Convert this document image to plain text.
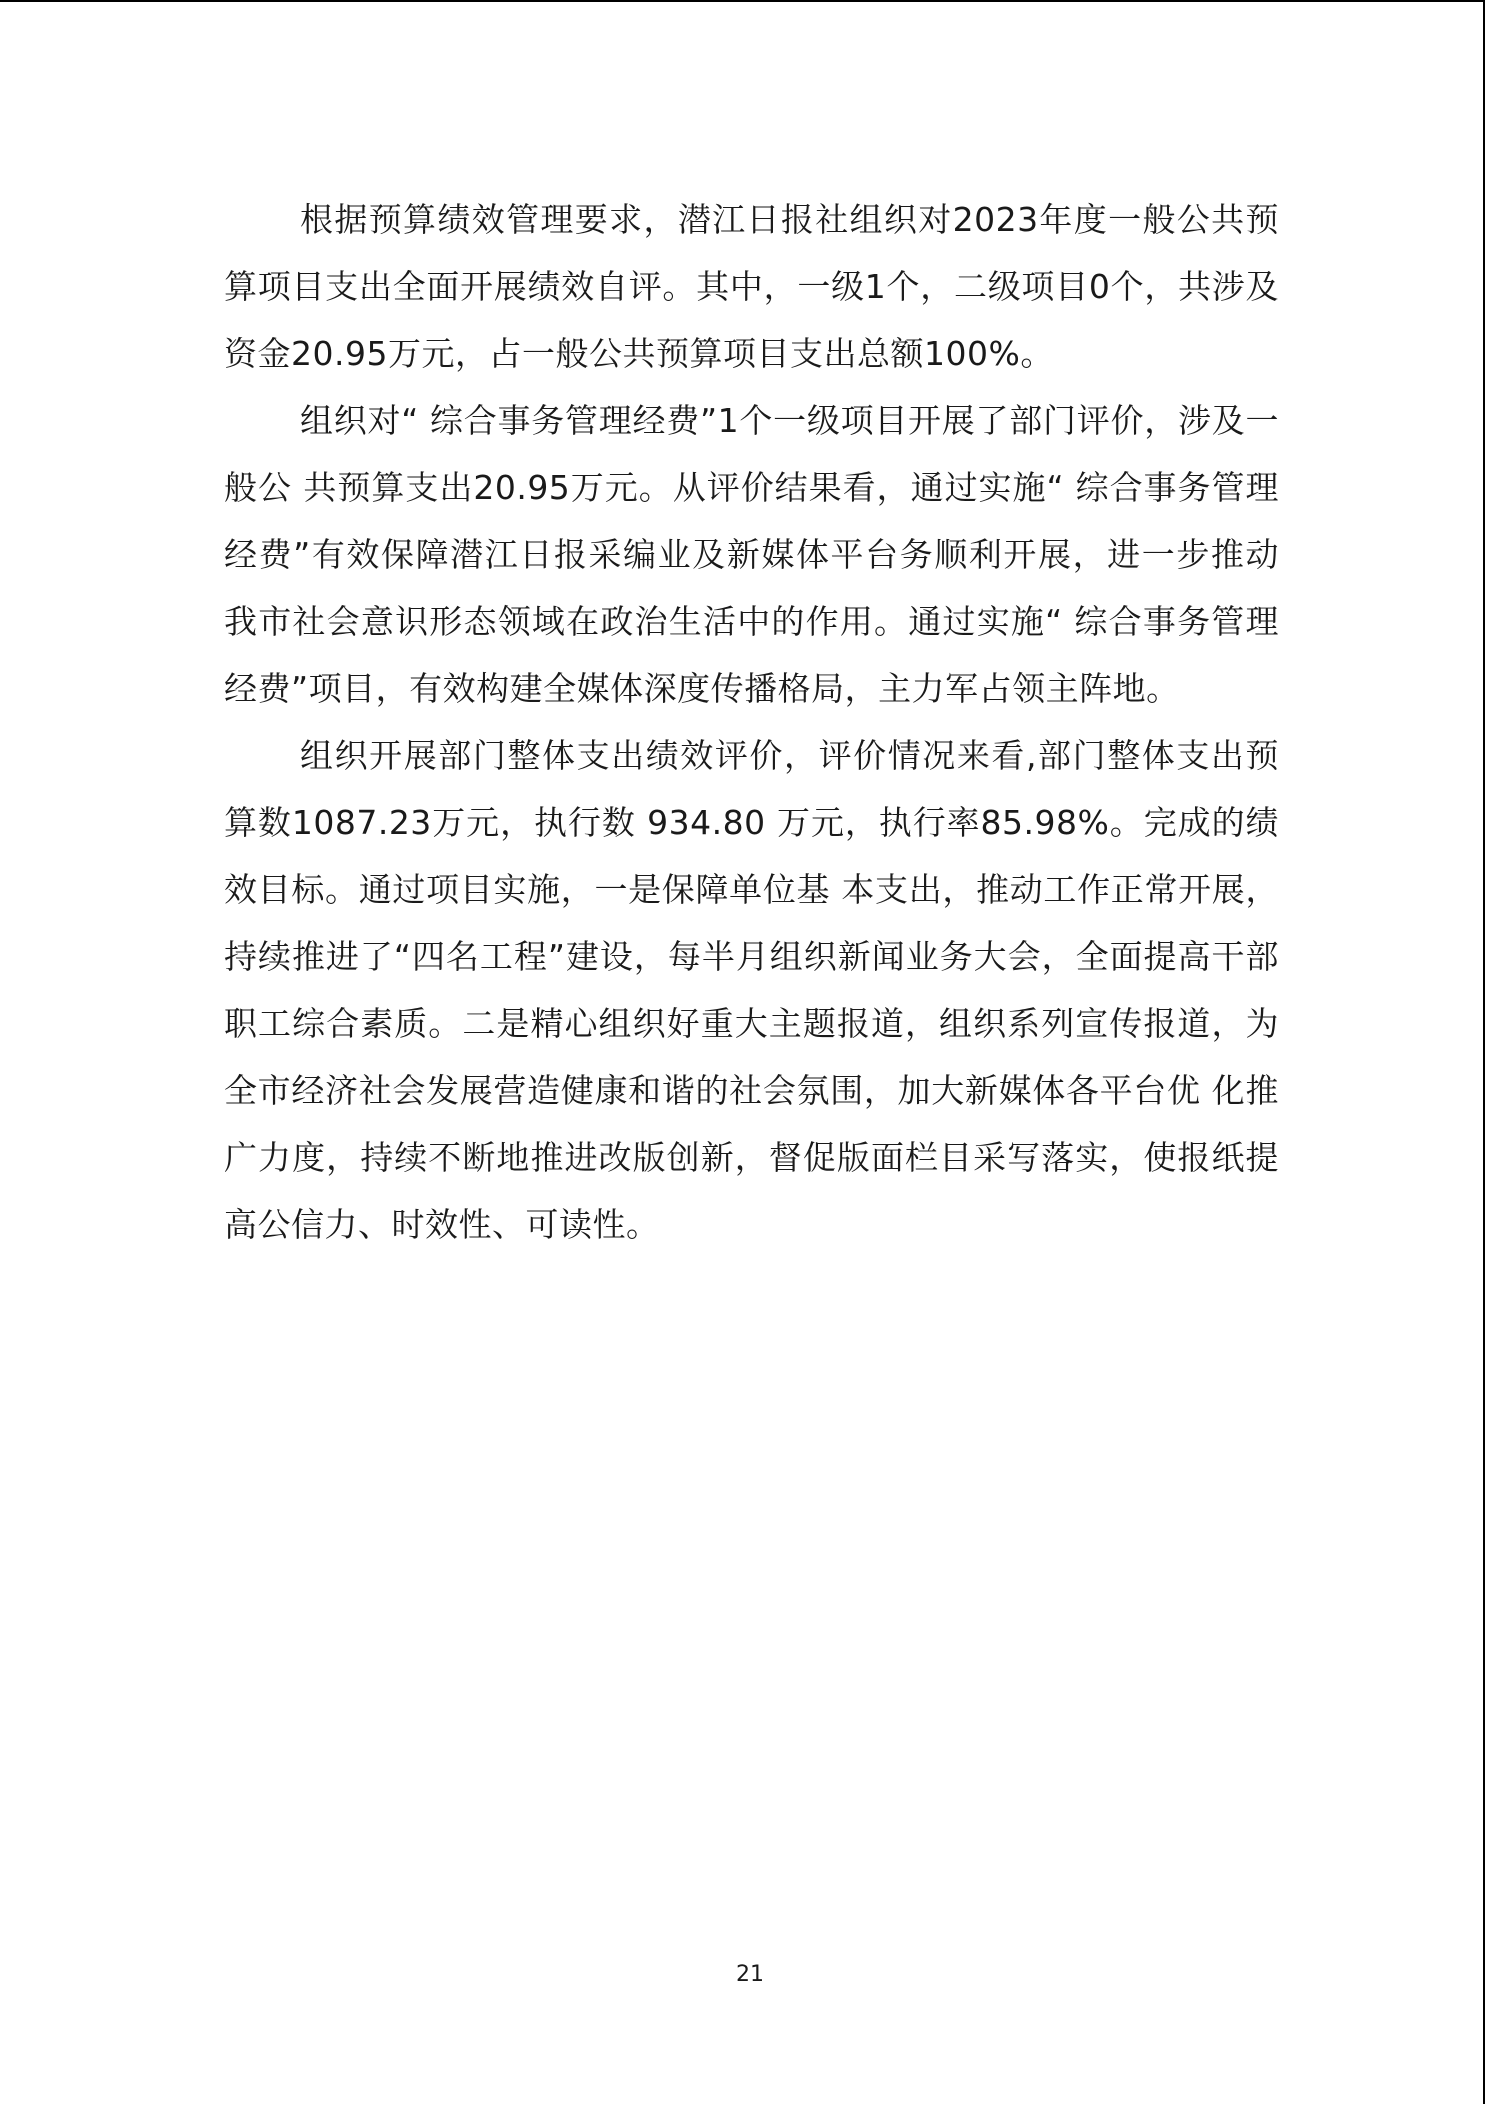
根据预算绩效管理要求，潜江日报社组织对2023年度一般公共预算项目支出全面开展绩效自评。其中，一级1个，二级项目0个，共涉及资金20.95万元，占一般公共预算项目支出总额100%。

组织对“ 综合事务管理经费”1个一级项目开展了部门评价，涉及一般公 共预算支出20.95万元。从评价结果看，通过实施“ 综合事务管理经费”有效保障潜江日报采编业及新媒体平台务顺利开展，进一步推动我市社会意识形态领域在政治生活中的作用。通过实施“ 综合事务管理经费”项目，有效构建全媒体深度传播格局，主力军占领主阵地。

组织开展部门整体支出绩效评价，评价情况来看,部门整体支出预算数1087.23万元，执行数 934.80 万元，执行率85.98%。完成的绩效目标。通过项目实施，一是保障单位基 本支出，推动工作正常开展，持续推进了“四名工程”建设，每半月组织新闻业务大会，全面提高干部职工综合素质。二是精心组织好重大主题报道，组织系列宣传报道，为全市经济社会发展营造健康和谐的社会氛围，加大新媒体各平台优 化推广力度，持续不断地推进改版创新，督促版面栏目采写落实，使报纸提高公信力、时效性、可读性。

21
